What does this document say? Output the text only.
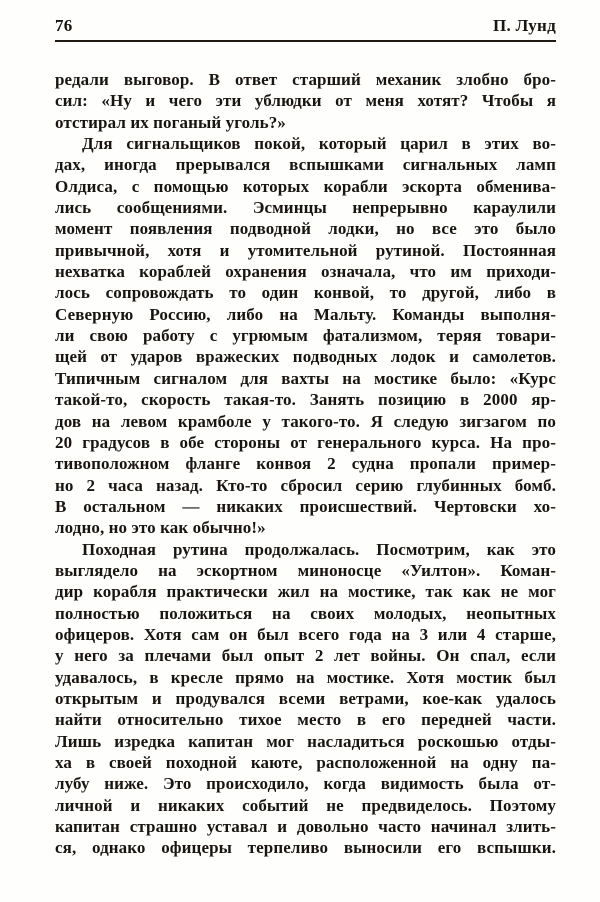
76	П. Лунд
редали выговор. В ответ старший механик злобно бро-
сил: «Ну и чего эти ублюдки от меня хотят? Чтобы я
отстирал их поганый уголь?»
Для сигнальщиков покой, который царил в этих во-
дах, иногда прерывался вспышками сигнальных ламп
Олдиса, с помощью которых корабли эскорта обменива-
лись сообщениями. Эсминцы непрерывно караулили
момент появления подводной лодки, но все это было
привычной, хотя и утомительной рутиной. Постоянная
нехватка кораблей охранения означала, что им приходи-
лось сопровождать то один конвой, то другой, либо в
Северную Россию, либо на Мальту. Команды выполня-
ли свою работу с угрюмым фатализмом, теряя товари-
щей от ударов вражеских подводных лодок и самолетов.
Типичным сигналом для вахты на мостике было: «Курс
такой-то, скорость такая-то. Занять позицию в 2000 яр-
дов на левом крамболе у такого-то. Я следую зигзагом по
20 градусов в обе стороны от генерального курса. На про-
тивоположном фланге конвоя 2 судна пропали пример-
но 2 часа назад. Кто-то сбросил серию глубинных бомб.
В остальном — никаких происшествий. Чертовски хо-
лодно, но это как обычно!»
Походная рутина продолжалась. Посмотрим, как это
выглядело на эскортном миноносце «Уилтон». Коман-
дир корабля практически жил на мостике, так как не мог
полностью положиться на своих молодых, неопытных
офицеров. Хотя сам он был всего года на 3 или 4 старше,
у него за плечами был опыт 2 лет войны. Он спал, если
удавалось, в кресле прямо на мостике. Хотя мостик был
открытым и продувался всеми ветрами, кое-как удалось
найти относительно тихое место в его передней части.
Лишь изредка капитан мог насладиться роскошью отды-
ха в своей походной каюте, расположенной на одну па-
лубу ниже. Это происходило, когда видимость была от-
личной и никаких событий не предвиделось. Поэтому
капитан страшно уставал и довольно часто начинал злить-
ся, однако офицеры терпеливо выносили его вспышки.
